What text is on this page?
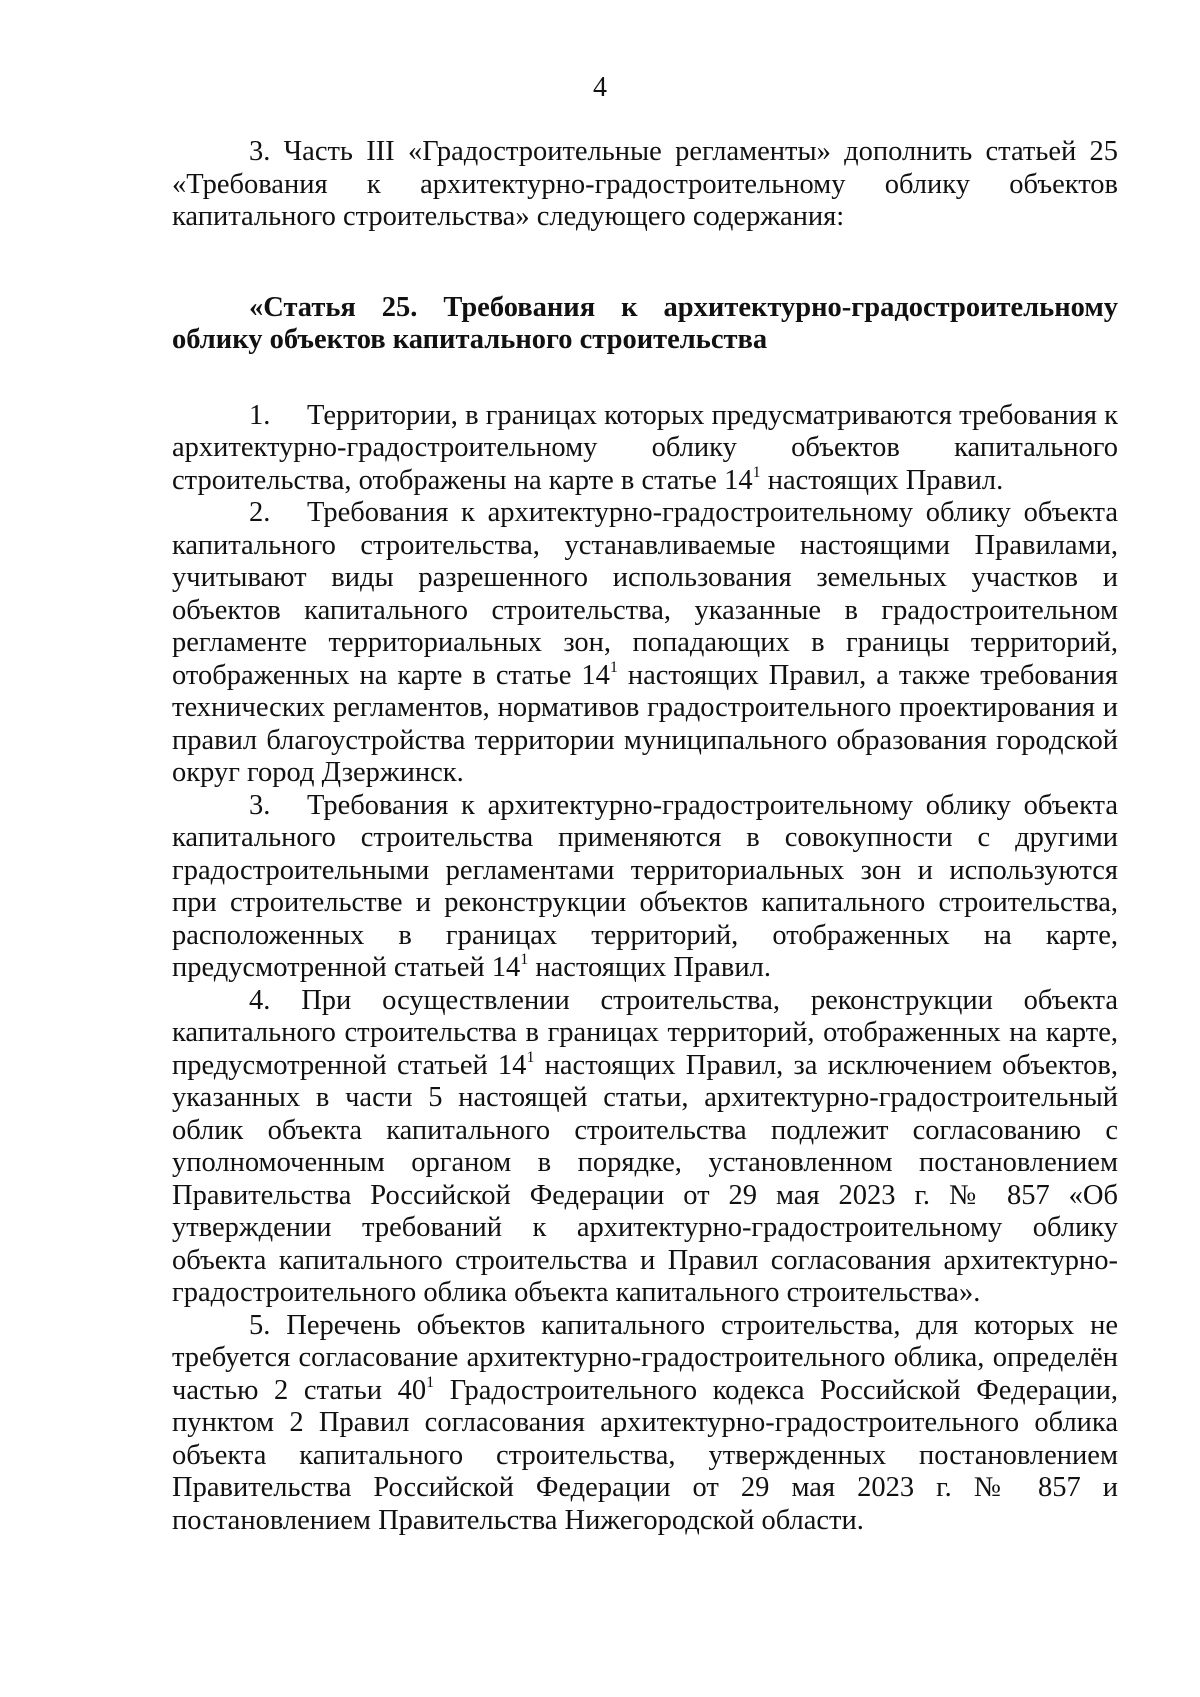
4

3. Часть III «Градостроительные регламенты» дополнить статьей 25 «Требования к архитектурно-градостроительному облику объектов капитального строительства» следующего содержания:

«Статья 25. Требования к архитектурно-градостроительному облику объектов капитального строительства

1. Территории, в границах которых предусматриваются требования к архитектурно-градостроительному облику объектов капитального строительства, отображены на карте в статье $14^1$ настоящих Правил.

2. Требования к архитектурно-градостроительному облику объекта капитального строительства, устанавливаемые настоящими Правилами, учитывают виды разрешенного использования земельных участков и объектов капитального строительства, указанные в градостроительном регламенте территориальных зон, попадающих в границы территорий, отображенных на карте в статье $14^1$ настоящих Правил, а также требования технических регламентов, нормативов градостроительного проектирования и правил благоустройства территории муниципального образования городской округ город Дзержинск.

3. Требования к архитектурно-градостроительному облику объекта капитального строительства применяются в совокупности с другими градостроительными регламентами территориальных зон и используются при строительстве и реконструкции объектов капитального строительства, расположенных в границах территорий, отображенных на карте, предусмотренной статьей $14^1$ настоящих Правил.

4. При осуществлении строительства, реконструкции объекта капитального строительства в границах территорий, отображенных на карте, предусмотренной статьей $14^1$ настоящих Правил, за исключением объектов, указанных в части 5 настоящей статьи, архитектурно-градостроительный облик объекта капитального строительства подлежит согласованию с уполномоченным органом в порядке, установленном постановлением Правительства Российской Федерации от 29 мая 2023 г. № 857 «Об утверждении требований к архитектурно-градостроительному облику объекта капитального строительства и Правил согласования архитектурно-градостроительного облика объекта капитального строительства».

5. Перечень объектов капитального строительства, для которых не требуется согласование архитектурно-градостроительного облика, определён частью 2 статьи $40^1$ Градостроительного кодекса Российской Федерации, пунктом 2 Правил согласования архитектурно-градостроительного облика объекта капитального строительства, утвержденных постановлением Правительства Российской Федерации от 29 мая 2023 г. № 857 и постановлением Правительства Нижегородской области.
